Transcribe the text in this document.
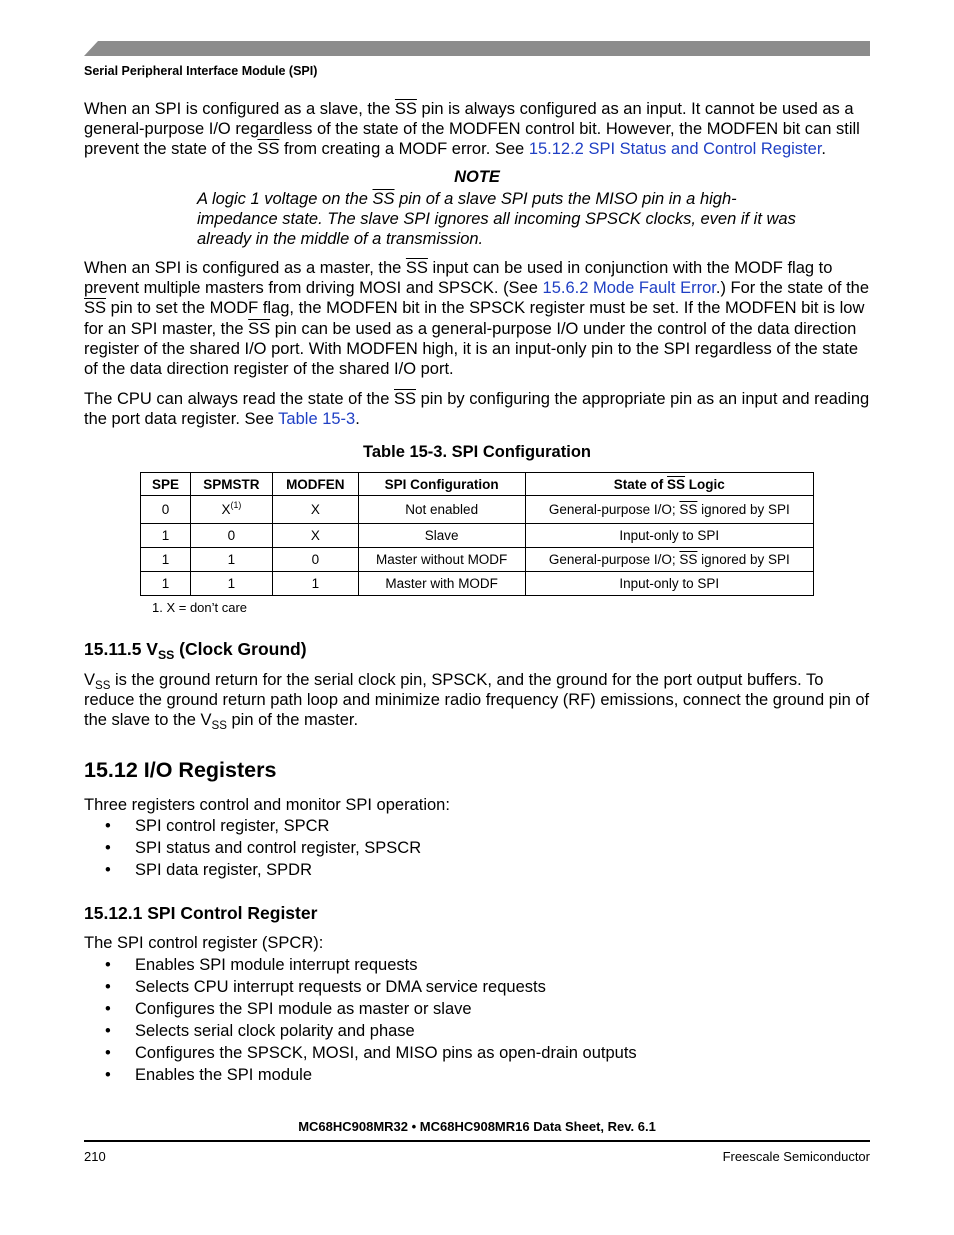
Serial Peripheral Interface Module (SPI)
When an SPI is configured as a slave, the $\overline{SS}$ pin is always configured as an input. It cannot be used as a general-purpose I/O regardless of the state of the MODFEN control bit. However, the MODFEN bit can still prevent the state of the $\overline{SS}$ from creating a MODF error. See 15.12.2 SPI Status and Control Register.
NOTE
A logic 1 voltage on the $\overline{SS}$ pin of a slave SPI puts the MISO pin in a high-impedance state. The slave SPI ignores all incoming SPSCK clocks, even if it was already in the middle of a transmission.
When an SPI is configured as a master, the $\overline{SS}$ input can be used in conjunction with the MODF flag to prevent multiple masters from driving MOSI and SPSCK. (See 15.6.2 Mode Fault Error.) For the state of the $\overline{SS}$ pin to set the MODF flag, the MODFEN bit in the SPSCK register must be set. If the MODFEN bit is low for an SPI master, the $\overline{SS}$ pin can be used as a general-purpose I/O under the control of the data direction register of the shared I/O port. With MODFEN high, it is an input-only pin to the SPI regardless of the state of the data direction register of the shared I/O port.
The CPU can always read the state of the $\overline{SS}$ pin by configuring the appropriate pin as an input and reading the port data register. See Table 15-3.
Table 15-3. SPI Configuration
SPE	SPMSTR	MODFEN	SPI Configuration	State of $\overline{SS}$ Logic
0	$X^{(1)}$	X	Not enabled	General-purpose I/O; $\overline{SS}$ ignored by SPI
1	0	X	Slave	Input-only to SPI
1	1	0	Master without MODF	General-purpose I/O; $\overline{SS}$ ignored by SPI
1	1	1	Master with MODF	Input-only to SPI
1. X = don’t care
15.11.5 $V_{SS}$ (Clock Ground)
$V_{SS}$ is the ground return for the serial clock pin, SPSCK, and the ground for the port output buffers. To reduce the ground return path loop and minimize radio frequency (RF) emissions, connect the ground pin of the slave to the $V_{SS}$ pin of the master.
15.12 I/O Registers
Three registers control and monitor SPI operation:
• SPI control register, SPCR
• SPI status and control register, SPSCR
• SPI data register, SPDR
15.12.1 SPI Control Register
The SPI control register (SPCR):
• Enables SPI module interrupt requests
• Selects CPU interrupt requests or DMA service requests
• Configures the SPI module as master or slave
• Selects serial clock polarity and phase
• Configures the SPSCK, MOSI, and MISO pins as open-drain outputs
• Enables the SPI module
MC68HC908MR32 • MC68HC908MR16 Data Sheet, Rev. 6.1
210	Freescale Semiconductor
